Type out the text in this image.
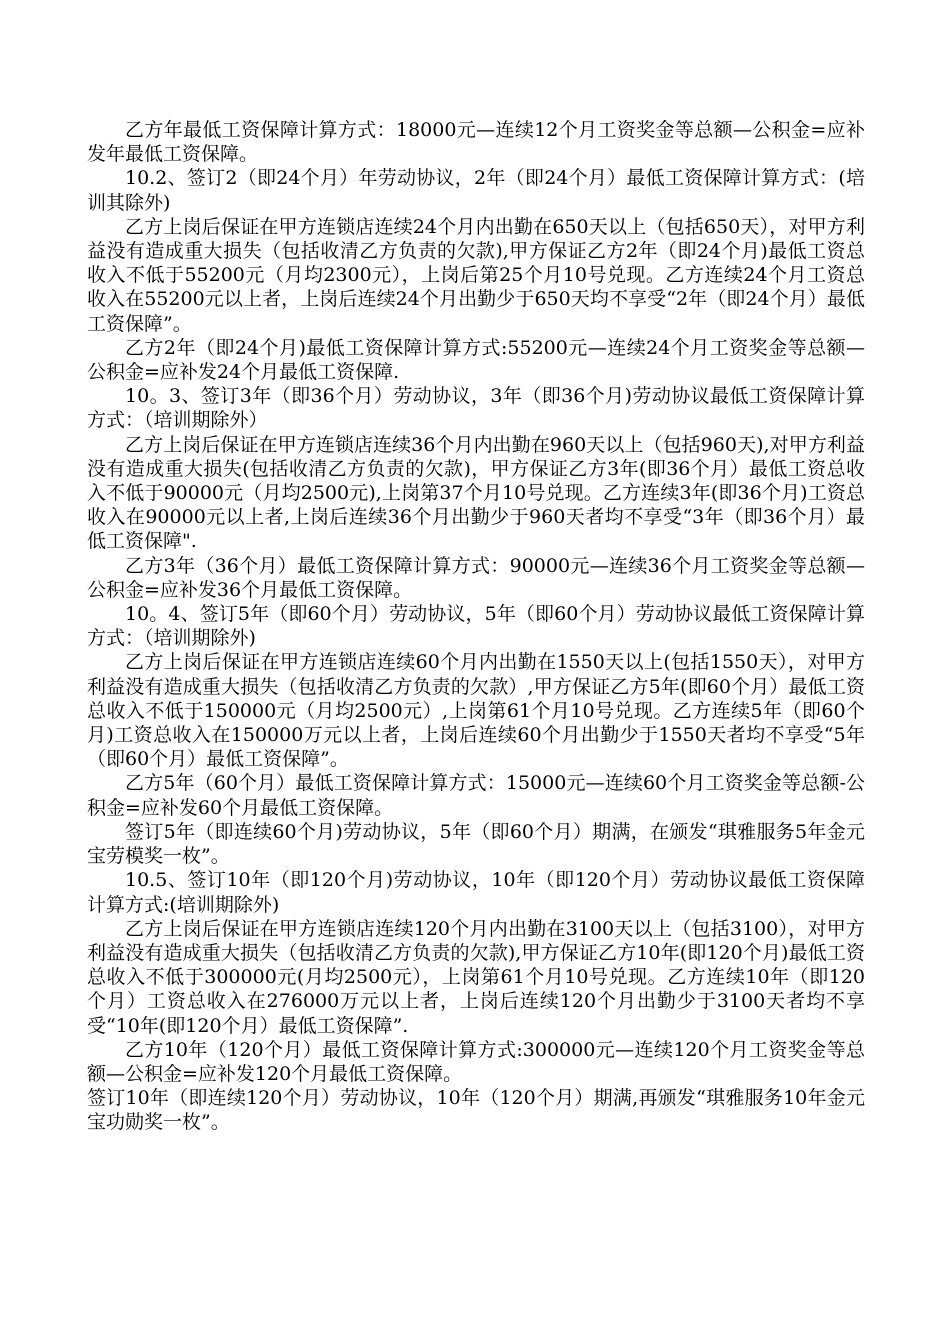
乙方年最低工资保障计算方式：18000元—连续12个月工资奖金等总额—公积金=应补发年最低工资保障。

10.2、签订2（即24个月）年劳动协议，2年（即24个月）最低工资保障计算方式：(培训其除外)

乙方上岗后保证在甲方连锁店连续24个月内出勤在650天以上（包括650天），对甲方利益没有造成重大损失（包括收清乙方负责的欠款),甲方保证乙方2年（即24个月)最低工资总收入不低于55200元（月均2300元），上岗后第25个月10号兑现。乙方连续24个月工资总收入在55200元以上者，上岗后连续24个月出勤少于650天均不享受“2年（即24个月）最低工资保障”。

乙方2年（即24个月)最低工资保障计算方式:55200元—连续24个月工资奖金等总额—公积金=应补发24个月最低工资保障.

10。3、签订3年（即36个月）劳动协议，3年（即36个月)劳动协议最低工资保障计算方式：（培训期除外）

乙方上岗后保证在甲方连锁店连续36个月内出勤在960天以上（包括960天),对甲方利益没有造成重大损失(包括收清乙方负责的欠款)，甲方保证乙方3年(即36个月）最低工资总收入不低于90000元（月均2500元),上岗第37个月10号兑现。乙方连续3年(即36个月)工资总收入在90000元以上者,上岗后连续36个月出勤少于960天者均不享受“3年（即36个月）最低工资保障".

乙方3年（36个月）最低工资保障计算方式：90000元—连续36个月工资奖金等总额—公积金=应补发36个月最低工资保障。

10。4、签订5年（即60个月）劳动协议，5年（即60个月）劳动协议最低工资保障计算方式：（培训期除外)

乙方上岗后保证在甲方连锁店连续60个月内出勤在1550天以上(包括1550天），对甲方利益没有造成重大损失（包括收清乙方负责的欠款）,甲方保证乙方5年(即60个月）最低工资总收入不低于150000元（月均2500元）,上岗第61个月10号兑现。乙方连续5年（即60个月)工资总收入在150000万元以上者，上岗后连续60个月出勤少于1550天者均不享受“5年（即60个月）最低工资保障”。

乙方5年（60个月）最低工资保障计算方式：15000元—连续60个月工资奖金等总额-公积金=应补发60个月最低工资保障。

签订5年（即连续60个月)劳动协议，5年（即60个月）期满，在颁发“琪雅服务5年金元宝劳模奖一枚”。

10.5、签订10年（即120个月)劳动协议，10年（即120个月）劳动协议最低工资保障计算方式:(培训期除外)

乙方上岗后保证在甲方连锁店连续120个月内出勤在3100天以上（包括3100），对甲方利益没有造成重大损失（包括收清乙方负责的欠款),甲方保证乙方10年(即120个月)最低工资总收入不低于300000元(月均2500元），上岗第61个月10号兑现。乙方连续10年（即120个月）工资总收入在276000万元以上者，上岗后连续120个月出勤少于3100天者均不享受“10年(即120个月）最低工资保障”.

乙方10年（120个月）最低工资保障计算方式:300000元—连续120个月工资奖金等总额—公积金=应补发120个月最低工资保障。

签订10年（即连续120个月）劳动协议，10年（120个月）期满,再颁发“琪雅服务10年金元宝功勋奖一枚”。
